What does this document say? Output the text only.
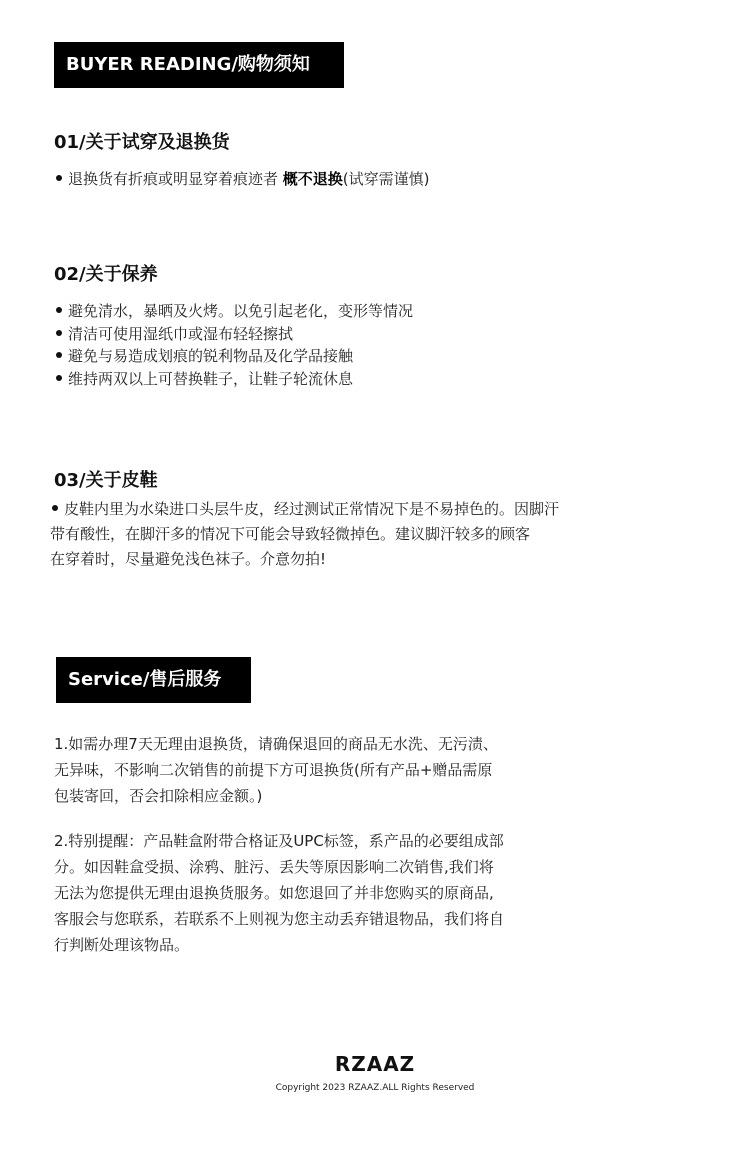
BUYER READING/购物须知
01/关于试穿及退换货
退换货有折痕或明显穿着痕迹者 概不退换(试穿需谨慎)
02/关于保养
避免清水，暴晒及火烤。以免引起老化，变形等情况
清洁可使用湿纸巾或湿布轻轻擦拭
避免与易造成划痕的锐利物品及化学品接触
维持两双以上可替换鞋子，让鞋子轮流休息
03/关于皮鞋
皮鞋内里为水染进口头层牛皮，经过测试正常情况下是不易掉色的。因脚汗
带有酸性，在脚汗多的情况下可能会导致轻微掉色。建议脚汗较多的顾客
在穿着时，尽量避免浅色袜子。介意勿拍!
Service/售后服务
1.如需办理7天无理由退换货，请确保退回的商品无水洗、无污渍、
无异味，不影响二次销售的前提下方可退换货(所有产品+赠品需原
包装寄回，否会扣除相应金额。)
2.特别提醒：产品鞋盒附带合格证及UPC标签，系产品的必要组成部
分。如因鞋盒受损、涂鸦、脏污、丢失等原因影响二次销售,我们将
无法为您提供无理由退换货服务。如您退回了并非您购买的原商品,
客服会与您联系，若联系不上则视为您主动丢弃错退物品，我们将自
行判断处理该物品。
RZAAZ
Copyright 2023 RZAAZ.ALL Rights Reserved
